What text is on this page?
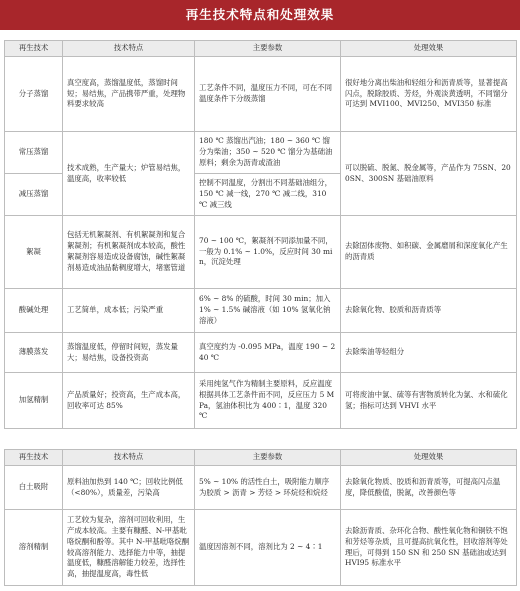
再生技术特点和处理效果
再生技术	技术特点	主要参数	处理效果
分子蒸馏	真空度高，蒸馏温度低，蒸馏时间短；易结焦，产品携带严重，处理物料要求较高	工艺条件不同，温度压力不同，可在不同温度条件下分级蒸馏	很好地分离出柴油和轻组分和沥青质等，显著提高闪点，脱除胶质、芳烃，外观淡黄透明，不同馏分可达到 MVI100、MVI250、MVI350 标准
常压蒸馏	技术成熟，生产量大；炉管易结焦，温度高，收率较低	180 ℃ 蒸馏出汽油；180 ~ 360 ℃ 馏分为柴油；350 ~ 520 ℃ 馏分为基础油原料；剩余为沥青或渣油	可以脱硫、脱氮、脱金属等，产品作为 75SN、200SN、300SN 基础油原料
减压蒸馏		控制不同温度，分割出不同基础油组分，150 ℃ 减一线，270 ℃ 减二线，310 ℃ 减三线	
絮凝	包括无机絮凝剂、有机絮凝剂和复合絮凝剂；有机絮凝剂成本较高，酸性絮凝剂容易造成设备腐蚀，碱性絮凝剂易造成油品黏稠度增大，堵塞管道	70 ~ 100 ℃，絮凝剂不同添加量不同，一般为 0.1% ~ 1.0%，反应时间 30 min，沉淀处理	去除固体废物、如积碳、金属磨屑和深度氧化产生的沥青质
酸碱处理	工艺简单，成本低；污染严重	6% ~ 8% 的硫酸，时间 30 min；加入 1% ~ 1.5% 碱溶液（如 10% 氢氧化钠溶液）	去除氧化物、胶质和沥青质等
薄膜蒸发	蒸馏温度低，停留时间短，蒸发量大；易结焦，设备投资高	真空度约为 -0.095 MPa，温度 190 ~ 240 ℃	去除柴油等轻组分
加氢精制	产品质量好；投资高，生产成本高，回收率可达 85%	采用纯氢气作为精制主要原料，反应温度根据具体工艺条件而不同，反应压力 5 MPa，氢油体积比为 400∶1，温度 320 ℃	可将废油中氯、硫等有害物质转化为氯、水和硫化氢；指标可达到 VHVI 水平
再生技术	技术特点	主要参数	处理效果
白土吸附	原料油加热到 140 ℃；回收比例低（<80%），质量差，污染高	5% ~ 10% 的活性白土，吸附能力顺序为胶质 > 沥青 > 芳烃 > 环烷烃和烷烃	去除氧化物质、胶质和沥青质等，可提高闪点温度，降低酸值，脱氮，改善颜色等
溶剂精制	工艺较为复杂，溶剂可回收利用，生产成本较高。主要有糠醛、N-甲基吡咯烷酮和酚等。其中 N-甲基吡咯烷酮较高溶剂能力、选择能力中等，抽提温度低，糠醛溶解能力较差，选择性高，抽提温度高，毒性低	温度因溶剂不同，溶剂比为 2 ~ 4∶1	去除沥青质、杂环化合物、酸性氧化物和铜铁不饱和芳烃等杂质，且可提高抗氧化性，回收溶剂等处理后，可得到 150 SN 和 250 SN 基础油或达到 HVI95 标准水平
